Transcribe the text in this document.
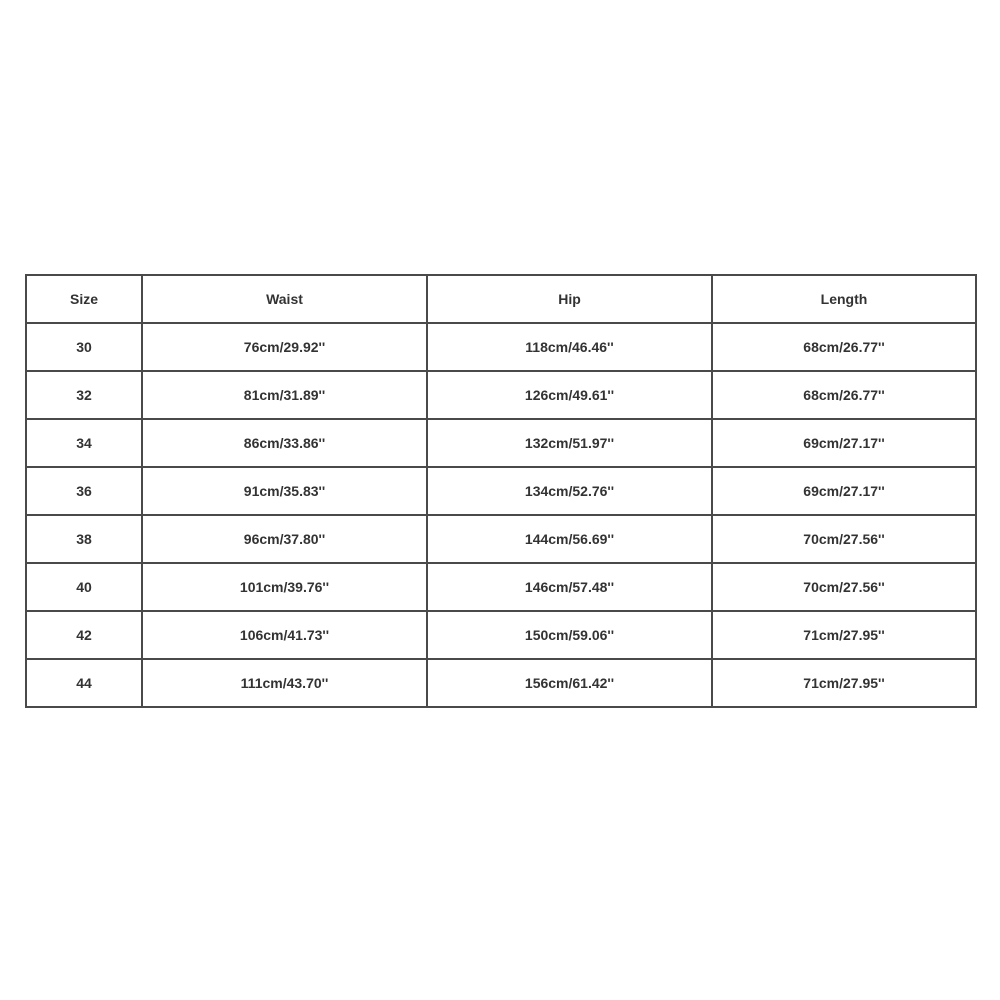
Size	Waist	Hip	Length
30	76cm/29.92''	118cm/46.46''	68cm/26.77''
32	81cm/31.89''	126cm/49.61''	68cm/26.77''
34	86cm/33.86''	132cm/51.97''	69cm/27.17''
36	91cm/35.83''	134cm/52.76''	69cm/27.17''
38	96cm/37.80''	144cm/56.69''	70cm/27.56''
40	101cm/39.76''	146cm/57.48''	70cm/27.56''
42	106cm/41.73''	150cm/59.06''	71cm/27.95''
44	111cm/43.70''	156cm/61.42''	71cm/27.95''
